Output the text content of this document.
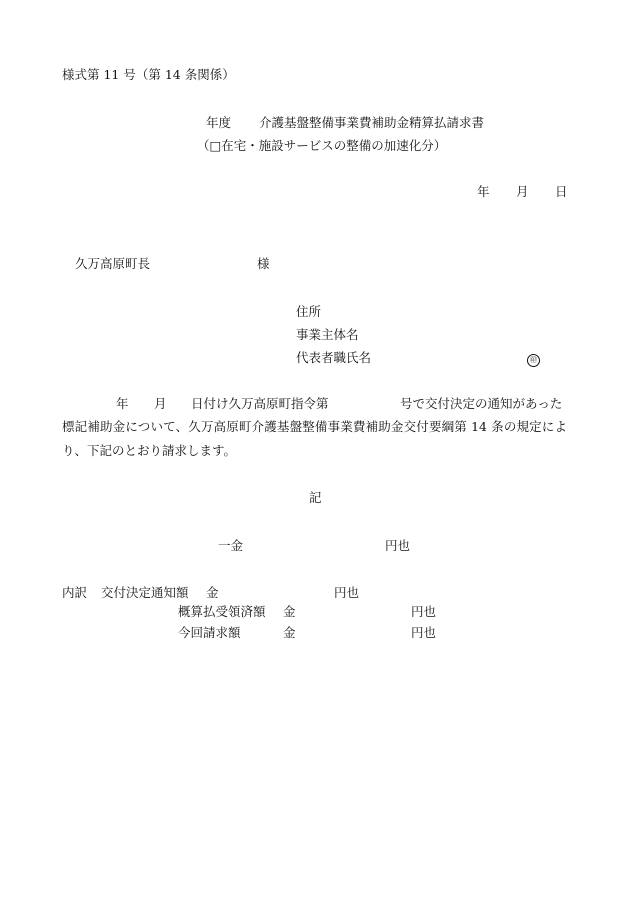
様式第 11 号（第 14 条関係）
年度 介護基盤整備事業費補助金精算払請求書
（□在宅・施設サービスの整備の加速化分）
年 月 日
久万高原町長	様
住所
事業主体名
代表者職氏名	㊞
年 月 日付け久万高原町指令第	号で交付決定の通知があった
標記補助金について、久万高原町介護基盤整備事業費補助金交付要綱第 14 条の規定により、下記のとおり請求します。
記
一金	円也
内訳 交付決定通知額 金	円也
概算払受領済額 金	円也
今回請求額	金	円也
